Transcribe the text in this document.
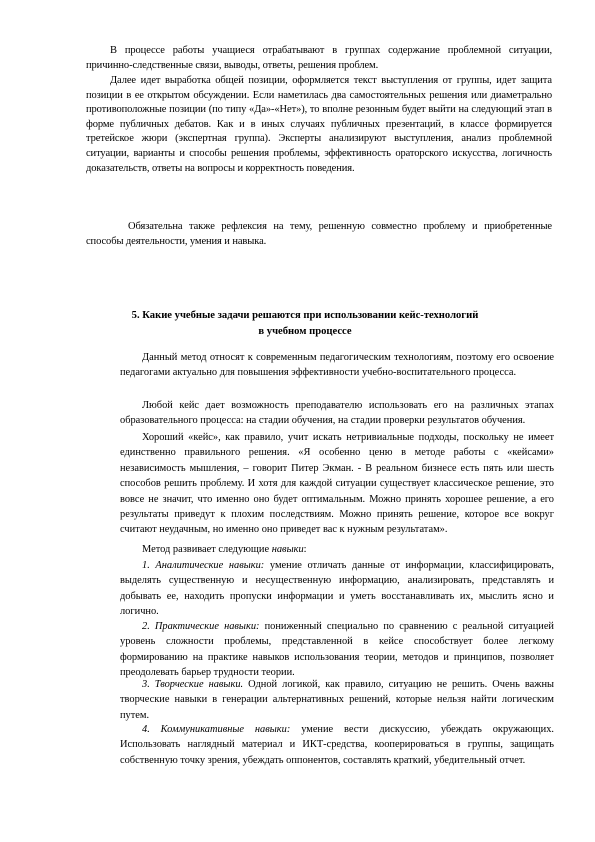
В процессе работы учащиеся отрабатывают в группах содержание проблемной ситуации, причинно-следственные связи, выводы, ответы, решения проблем.

Далее идет выработка общей позиции, оформляется текст выступления от группы, идет защита позиции в ее открытом обсуждении. Если наметилась два самостоятельных решения или диаметрально противоположные позиции (по типу «Да»-«Нет»), то вполне резонным будет выйти на следующий этап в форме публичных дебатов. Как и в иных случаях публичных презентаций, в классе формируется третейское жюри (экспертная группа). Эксперты анализируют выступления, анализ проблемной ситуации, варианты и способы решения проблемы, эффективность ораторского искусства, логичность доказательств, ответы на вопросы и корректность поведения.

Обязательна также рефлексия на тему, решенную совместно проблему и приобретенные способы деятельности, умения и навыка.

5. Какие учебные задачи решаются при использовании кейс-технологий в учебном процессе

Данный метод относят к современным педагогическим технологиям, поэтому его освоение педагогами актуально для повышения эффективности учебно-воспитательного процесса.

Любой кейс дает возможность преподавателю использовать его на различных этапах образовательного процесса: на стадии обучения, на стадии проверки результатов обучения.

Хороший «кейс», как правило, учит искать нетривиальные подходы, поскольку не имеет единственно правильного решения. «Я особенно ценю в методе работы с «кейсами» независимость мышления, – говорит Питер Экман. - В реальном бизнесе есть пять или шесть способов решить проблему. И хотя для каждой ситуации существует классическое решение, это вовсе не значит, что именно оно будет оптимальным. Можно принять хорошее решение, а его результаты приведут к плохим последствиям. Можно принять решение, которое все вокруг считают неудачным, но именно оно приведет вас к нужным результатам».

Метод развивает следующие навыки:

1. Аналитические навыки: умение отличать данные от информации, классифицировать, выделять существенную и несущественную информацию, анализировать, представлять и добывать ее, находить пропуски информации и уметь восстанавливать их, мыслить ясно и логично.

2. Практические навыки: пониженный специально по сравнению с реальной ситуацией уровень сложности проблемы, представленной в кейсе способствует более легкому формированию на практике навыков использования теории, методов и принципов, позволяет преодолевать барьер трудности теории.

3. Творческие навыки. Одной логикой, как правило, ситуацию не решить. Очень важны творческие навыки в генерации альтернативных решений, которые нельзя найти логическим путем.

4. Коммуникативные навыки: умение вести дискуссию, убеждать окружающих. Использовать наглядный материал и ИКТ-средства, кооперироваться в группы, защищать собственную точку зрения, убеждать оппонентов, составлять краткий, убедительный отчет.
